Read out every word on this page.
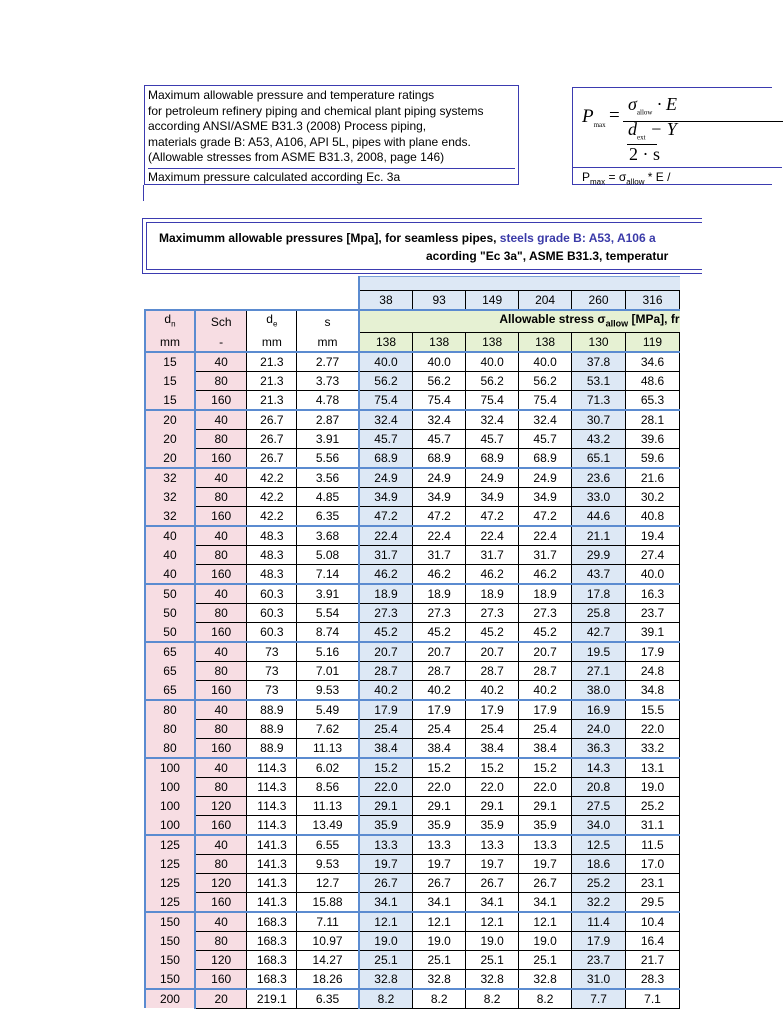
Maximum allowable pressure and temperature ratings
for petroleum refinery piping and chemical plant piping systems
according ANSI/ASME B31.3 (2008) Process piping,
materials grade B: A53, A106, API 5L, pipes with plane ends.
(Allowable stresses from ASME B31.3, 2008, page 146)
Maximum pressure calculated according Ec. 3a
$P_{max}$ =
$\sigma_{allow} \cdot E$
$d_{ext} - Y$
2 · s
$P_{max} = \sigma_{allow} * E$ /
Maximumm allowable pressures [Mpa], for seamless pipes, steels grade B: A53, A106 a
acording "Ec 3a", ASME B31.3, temperatur

				38	93	149	204	260	316
$d_n$	Sch	$d_e$	s	Allowable stress $\sigma_{allow}$ [MPa], fr					
mm	-	mm	mm	138	138	138	138	130	119
15	40	21.3	2.77	40.0	40.0	40.0	40.0	37.8	34.6
15	80	21.3	3.73	56.2	56.2	56.2	56.2	53.1	48.6
15	160	21.3	4.78	75.4	75.4	75.4	75.4	71.3	65.3
20	40	26.7	2.87	32.4	32.4	32.4	32.4	30.7	28.1
20	80	26.7	3.91	45.7	45.7	45.7	45.7	43.2	39.6
20	160	26.7	5.56	68.9	68.9	68.9	68.9	65.1	59.6
32	40	42.2	3.56	24.9	24.9	24.9	24.9	23.6	21.6
32	80	42.2	4.85	34.9	34.9	34.9	34.9	33.0	30.2
32	160	42.2	6.35	47.2	47.2	47.2	47.2	44.6	40.8
40	40	48.3	3.68	22.4	22.4	22.4	22.4	21.1	19.4
40	80	48.3	5.08	31.7	31.7	31.7	31.7	29.9	27.4
40	160	48.3	7.14	46.2	46.2	46.2	46.2	43.7	40.0
50	40	60.3	3.91	18.9	18.9	18.9	18.9	17.8	16.3
50	80	60.3	5.54	27.3	27.3	27.3	27.3	25.8	23.7
50	160	60.3	8.74	45.2	45.2	45.2	45.2	42.7	39.1
65	40	73	5.16	20.7	20.7	20.7	20.7	19.5	17.9
65	80	73	7.01	28.7	28.7	28.7	28.7	27.1	24.8
65	160	73	9.53	40.2	40.2	40.2	40.2	38.0	34.8
80	40	88.9	5.49	17.9	17.9	17.9	17.9	16.9	15.5
80	80	88.9	7.62	25.4	25.4	25.4	25.4	24.0	22.0
80	160	88.9	11.13	38.4	38.4	38.4	38.4	36.3	33.2
100	40	114.3	6.02	15.2	15.2	15.2	15.2	14.3	13.1
100	80	114.3	8.56	22.0	22.0	22.0	22.0	20.8	19.0
100	120	114.3	11.13	29.1	29.1	29.1	29.1	27.5	25.2
100	160	114.3	13.49	35.9	35.9	35.9	35.9	34.0	31.1
125	40	141.3	6.55	13.3	13.3	13.3	13.3	12.5	11.5
125	80	141.3	9.53	19.7	19.7	19.7	19.7	18.6	17.0
125	120	141.3	12.7	26.7	26.7	26.7	26.7	25.2	23.1
125	160	141.3	15.88	34.1	34.1	34.1	34.1	32.2	29.5
150	40	168.3	7.11	12.1	12.1	12.1	12.1	11.4	10.4
150	80	168.3	10.97	19.0	19.0	19.0	19.0	17.9	16.4
150	120	168.3	14.27	25.1	25.1	25.1	25.1	23.7	21.7
150	160	168.3	18.26	32.8	32.8	32.8	32.8	31.0	28.3
200	20	219.1	6.35	8.2	8.2	8.2	8.2	7.7	7.1
